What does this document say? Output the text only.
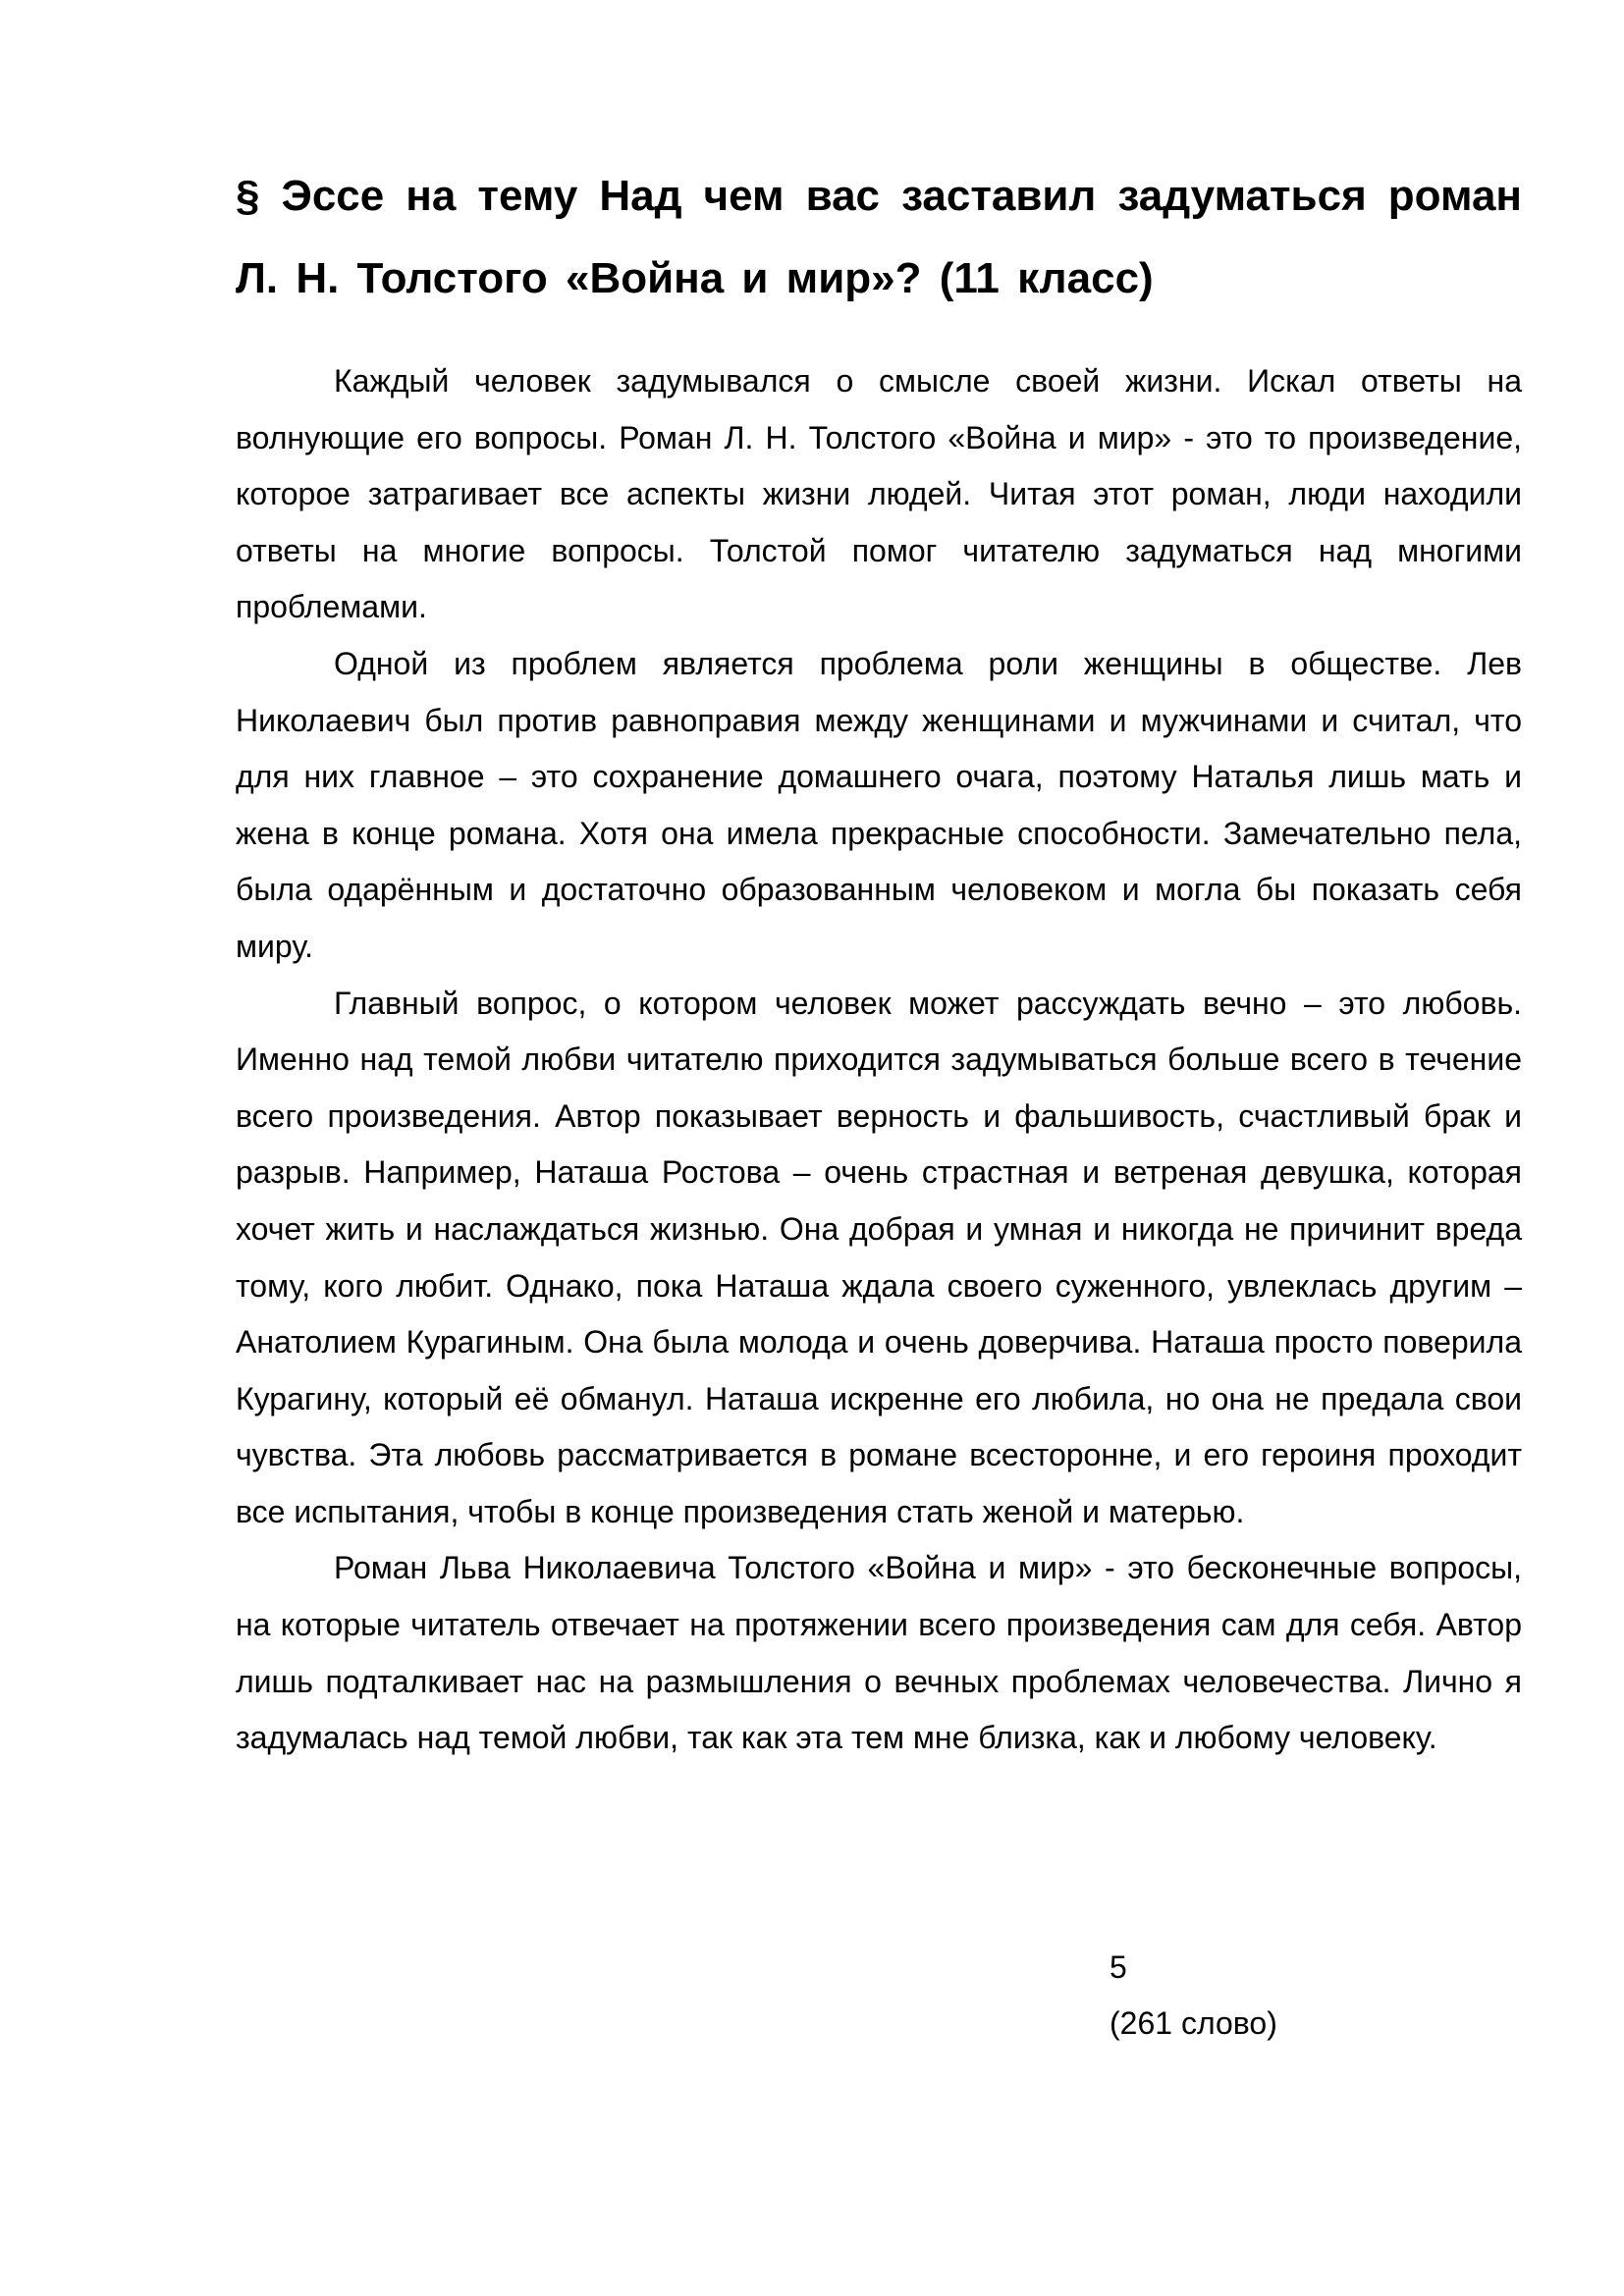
§ Эссе на тему Над чем вас заставил задуматься роман Л. Н. Толстого «Война и мир»? (11 класс)

Каждый человек задумывался о смысле своей жизни. Искал ответы на волнующие его вопросы. Роман Л. Н. Толстого «Война и мир» - это то произведение, которое затрагивает все аспекты жизни людей. Читая этот роман, люди находили ответы на многие вопросы. Толстой помог читателю задуматься над многими проблемами.

Одной из проблем является проблема роли женщины в обществе. Лев Николаевич был против равноправия между женщинами и мужчинами и считал, что для них главное – это сохранение домашнего очага, поэтому Наталья лишь мать и жена в конце романа. Хотя она имела прекрасные способности. Замечательно пела, была одарённым и достаточно образованным человеком и могла бы показать себя миру.

Главный вопрос, о котором человек может рассуждать вечно – это любовь. Именно над темой любви читателю приходится задумываться больше всего в течение всего произведения. Автор показывает верность и фальшивость, счастливый брак и разрыв. Например, Наташа Ростова – очень страстная и ветреная девушка, которая хочет жить и наслаждаться жизнью. Она добрая и умная и никогда не причинит вреда тому, кого любит. Однако, пока Наташа ждала своего суженного, увлеклась другим – Анатолием Курагиным. Она была молода и очень доверчива. Наташа просто поверила Курагину, который её обманул. Наташа искренне его любила, но она не предала свои чувства. Эта любовь рассматривается в романе всесторонне, и его героиня проходит все испытания, чтобы в конце произведения стать женой и матерью.

Роман Льва Николаевича Толстого «Война и мир» - это бесконечные вопросы, на которые читатель отвечает на протяжении всего произведения сам для себя. Автор лишь подталкивает нас на размышления о вечных проблемах человечества. Лично я задумалась над темой любви, так как эта тем мне близка, как и любому человеку.

5
(261 слово)
